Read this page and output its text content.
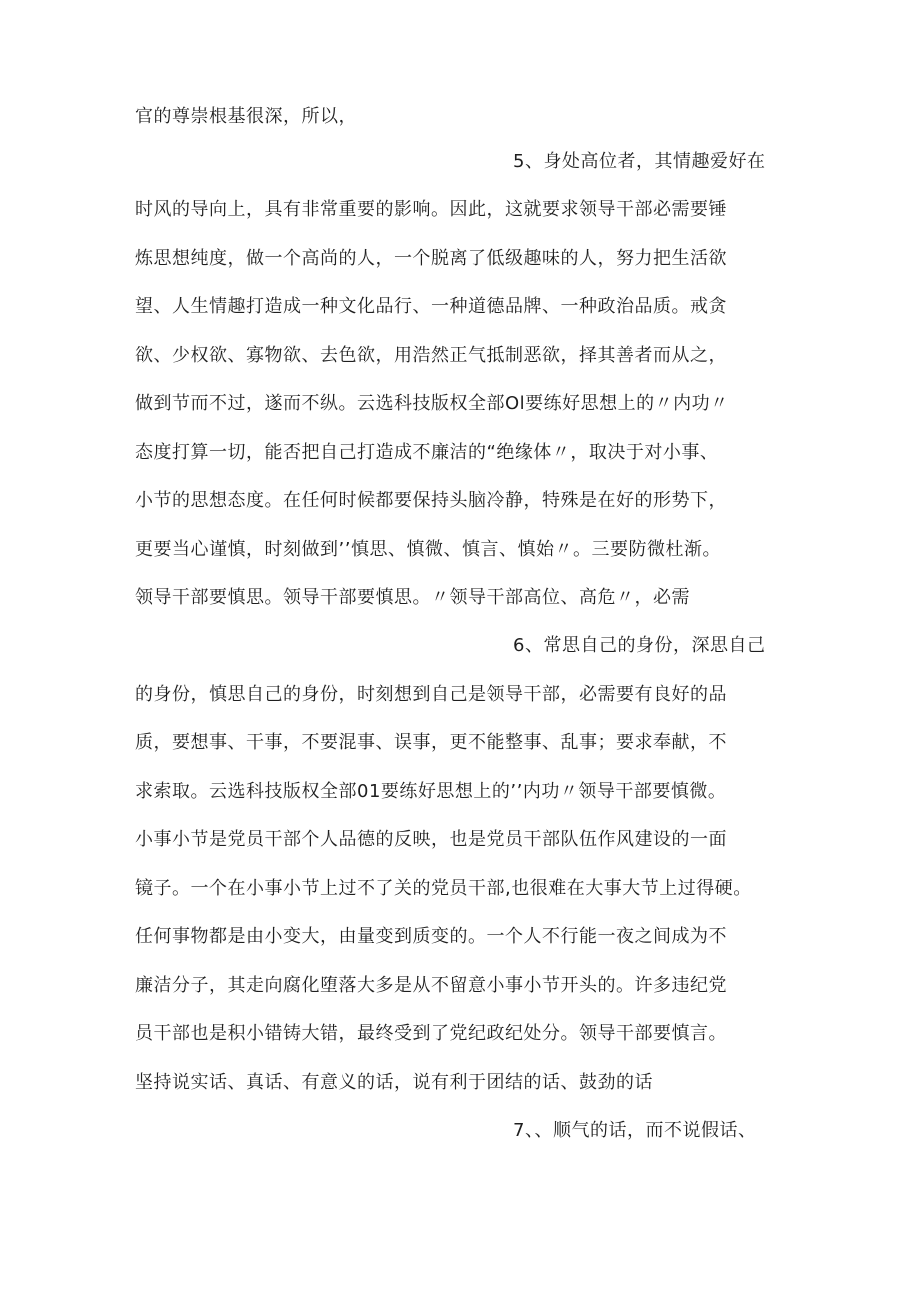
官的尊崇根基很深，所以，
5、身处高位者，其情趣爱好在
时风的导向上，具有非常重要的影响。因此，这就要求领导干部必需要锤
炼思想纯度，做一个高尚的人，一个脱离了低级趣味的人，努力把生活欲
望、人生情趣打造成一种文化品行、一种道德品牌、一种政治品质。戒贪
欲、少权欲、寡物欲、去色欲，用浩然正气抵制恶欲，择其善者而从之，
做到节而不过，遂而不纵。云选科技版权全部Ol要练好思想上的〃内功〃
态度打算一切，能否把自己打造成不廉洁的“绝缘体〃，取决于对小事、
小节的思想态度。在任何时候都要保持头脑冷静，特殊是在好的形势下，
更要当心谨慎，时刻做到’’慎思、慎微、慎言、慎始〃。三要防微杜渐。
领导干部要慎思。领导干部要慎思。〃领导干部高位、高危〃，必需
6、常思自己的身份，深思自己
的身份，慎思自己的身份，时刻想到自己是领导干部，必需要有良好的品
质，要想事、干事，不要混事、误事，更不能整事、乱事；要求奉献，不
求索取。云选科技版权全部01要练好思想上的’’内功〃领导干部要慎微。
小事小节是党员干部个人品德的反映，也是党员干部队伍作风建设的一面
镜子。一个在小事小节上过不了关的党员干部,也很难在大事大节上过得硬。
任何事物都是由小变大，由量变到质变的。一个人不行能一夜之间成为不
廉洁分子，其走向腐化堕落大多是从不留意小事小节开头的。许多违纪党
员干部也是积小错铸大错，最终受到了党纪政纪处分。领导干部要慎言。
坚持说实话、真话、有意义的话，说有利于团结的话、鼓劲的话
7、、顺气的话，而不说假话、
